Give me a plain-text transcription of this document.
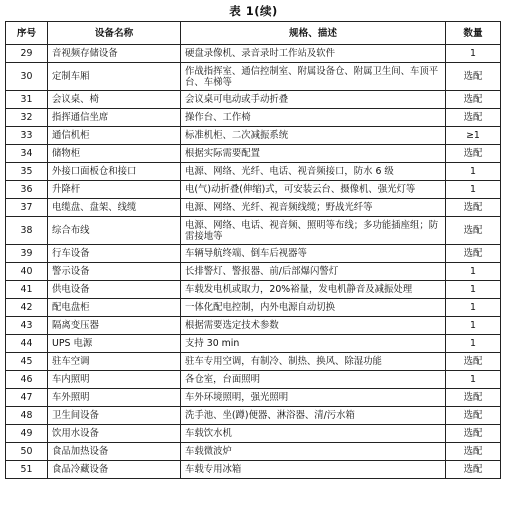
表 1(续)
序号	设备名称	规格、描述	数量
29	音视频存储设备	硬盘录像机、录音录时工作站及软件	1
30	定制车厢	作战指挥室、通信控制室、附属设备仓、附属卫生间、车顶平台、车梯等	选配
31	会议桌、椅	会议桌可电动或手动折叠	选配
32	指挥通信坐席	操作台、工作椅	选配
33	通信机柜	标准机柜、二次减振系统	≥1
34	储物柜	根据实际需要配置	选配
35	外接口面板仓和接口	电源、网络、光纤、电话、视音频接口，防水 6 级	1
36	升降杆	电(气)动折叠(伸缩)式，可安装云台、摄像机、强光灯等	1
37	电缆盘、盘架、线缆	电源、网络、光纤、视音频线缆；野战光纤等	选配
38	综合布线	电源、网络、电话、视音频、照明等布线；多功能插座组；防雷接地等	选配
39	行车设备	车辆导航终端、倒车后视器等	选配
40	警示设备	长排警灯、警报器、前/后部爆闪警灯	1
41	供电设备	车载发电机或取力，20%裕量，发电机静音及减振处理	1
42	配电盘柜	一体化配电控制，内外电源自动切换	1
43	隔离变压器	根据需要选定技术参数	1
44	UPS 电源	支持 30 min	1
45	驻车空调	驻车专用空调，有制冷、制热、换风、除湿功能	选配
46	车内照明	各仓室，台面照明	1
47	车外照明	车外环境照明，强光照明	选配
48	卫生间设备	洗手池、坐(蹲)便器、淋浴器、清/污水箱	选配
49	饮用水设备	车载饮水机	选配
50	食品加热设备	车载微波炉	选配
51	食品冷藏设备	车载专用冰箱	选配
